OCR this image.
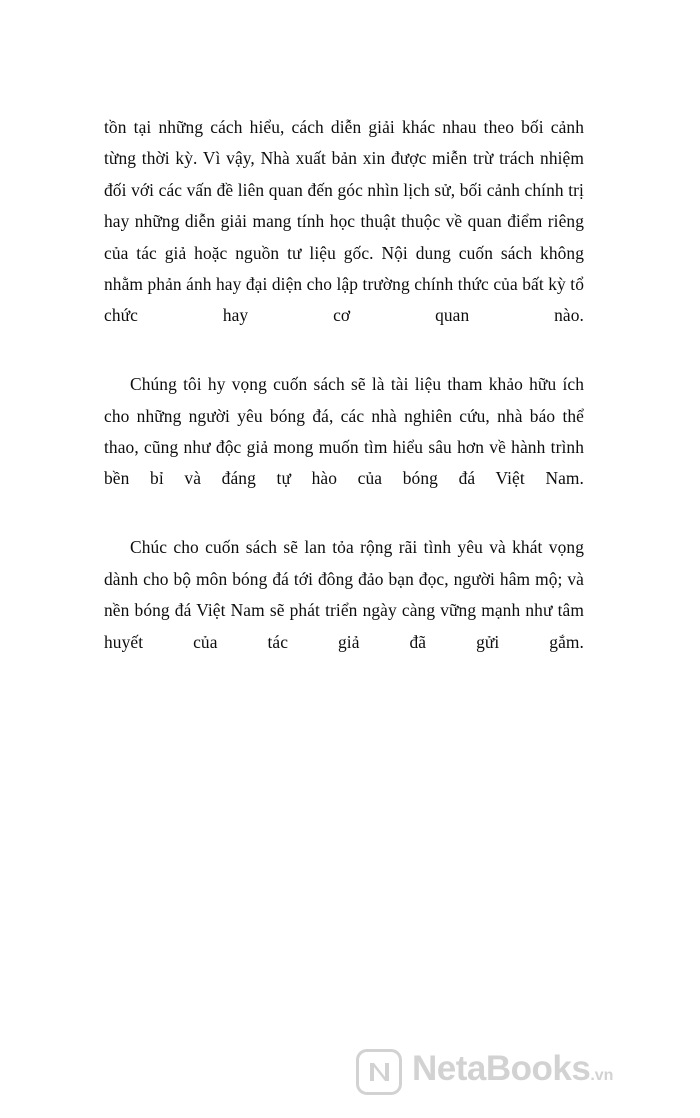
tồn tại những cách hiểu, cách diễn giải khác nhau theo bối cảnh từng thời kỳ. Vì vậy, Nhà xuất bản xin được miễn trừ trách nhiệm đối với các vấn đề liên quan đến góc nhìn lịch sử, bối cảnh chính trị hay những diễn giải mang tính học thuật thuộc về quan điểm riêng của tác giả hoặc nguồn tư liệu gốc. Nội dung cuốn sách không nhằm phản ánh hay đại diện cho lập trường chính thức của bất kỳ tổ chức hay cơ quan nào.

Chúng tôi hy vọng cuốn sách sẽ là tài liệu tham khảo hữu ích cho những người yêu bóng đá, các nhà nghiên cứu, nhà báo thể thao, cũng như độc giả mong muốn tìm hiểu sâu hơn về hành trình bền bỉ và đáng tự hào của bóng đá Việt Nam.

Chúc cho cuốn sách sẽ lan tỏa rộng rãi tình yêu và khát vọng dành cho bộ môn bóng đá tới đông đảo bạn đọc, người hâm mộ; và nền bóng đá Việt Nam sẽ phát triển ngày càng vững mạnh như tâm huyết của tác giả đã gửi gắm.

NetaBooks.vn
